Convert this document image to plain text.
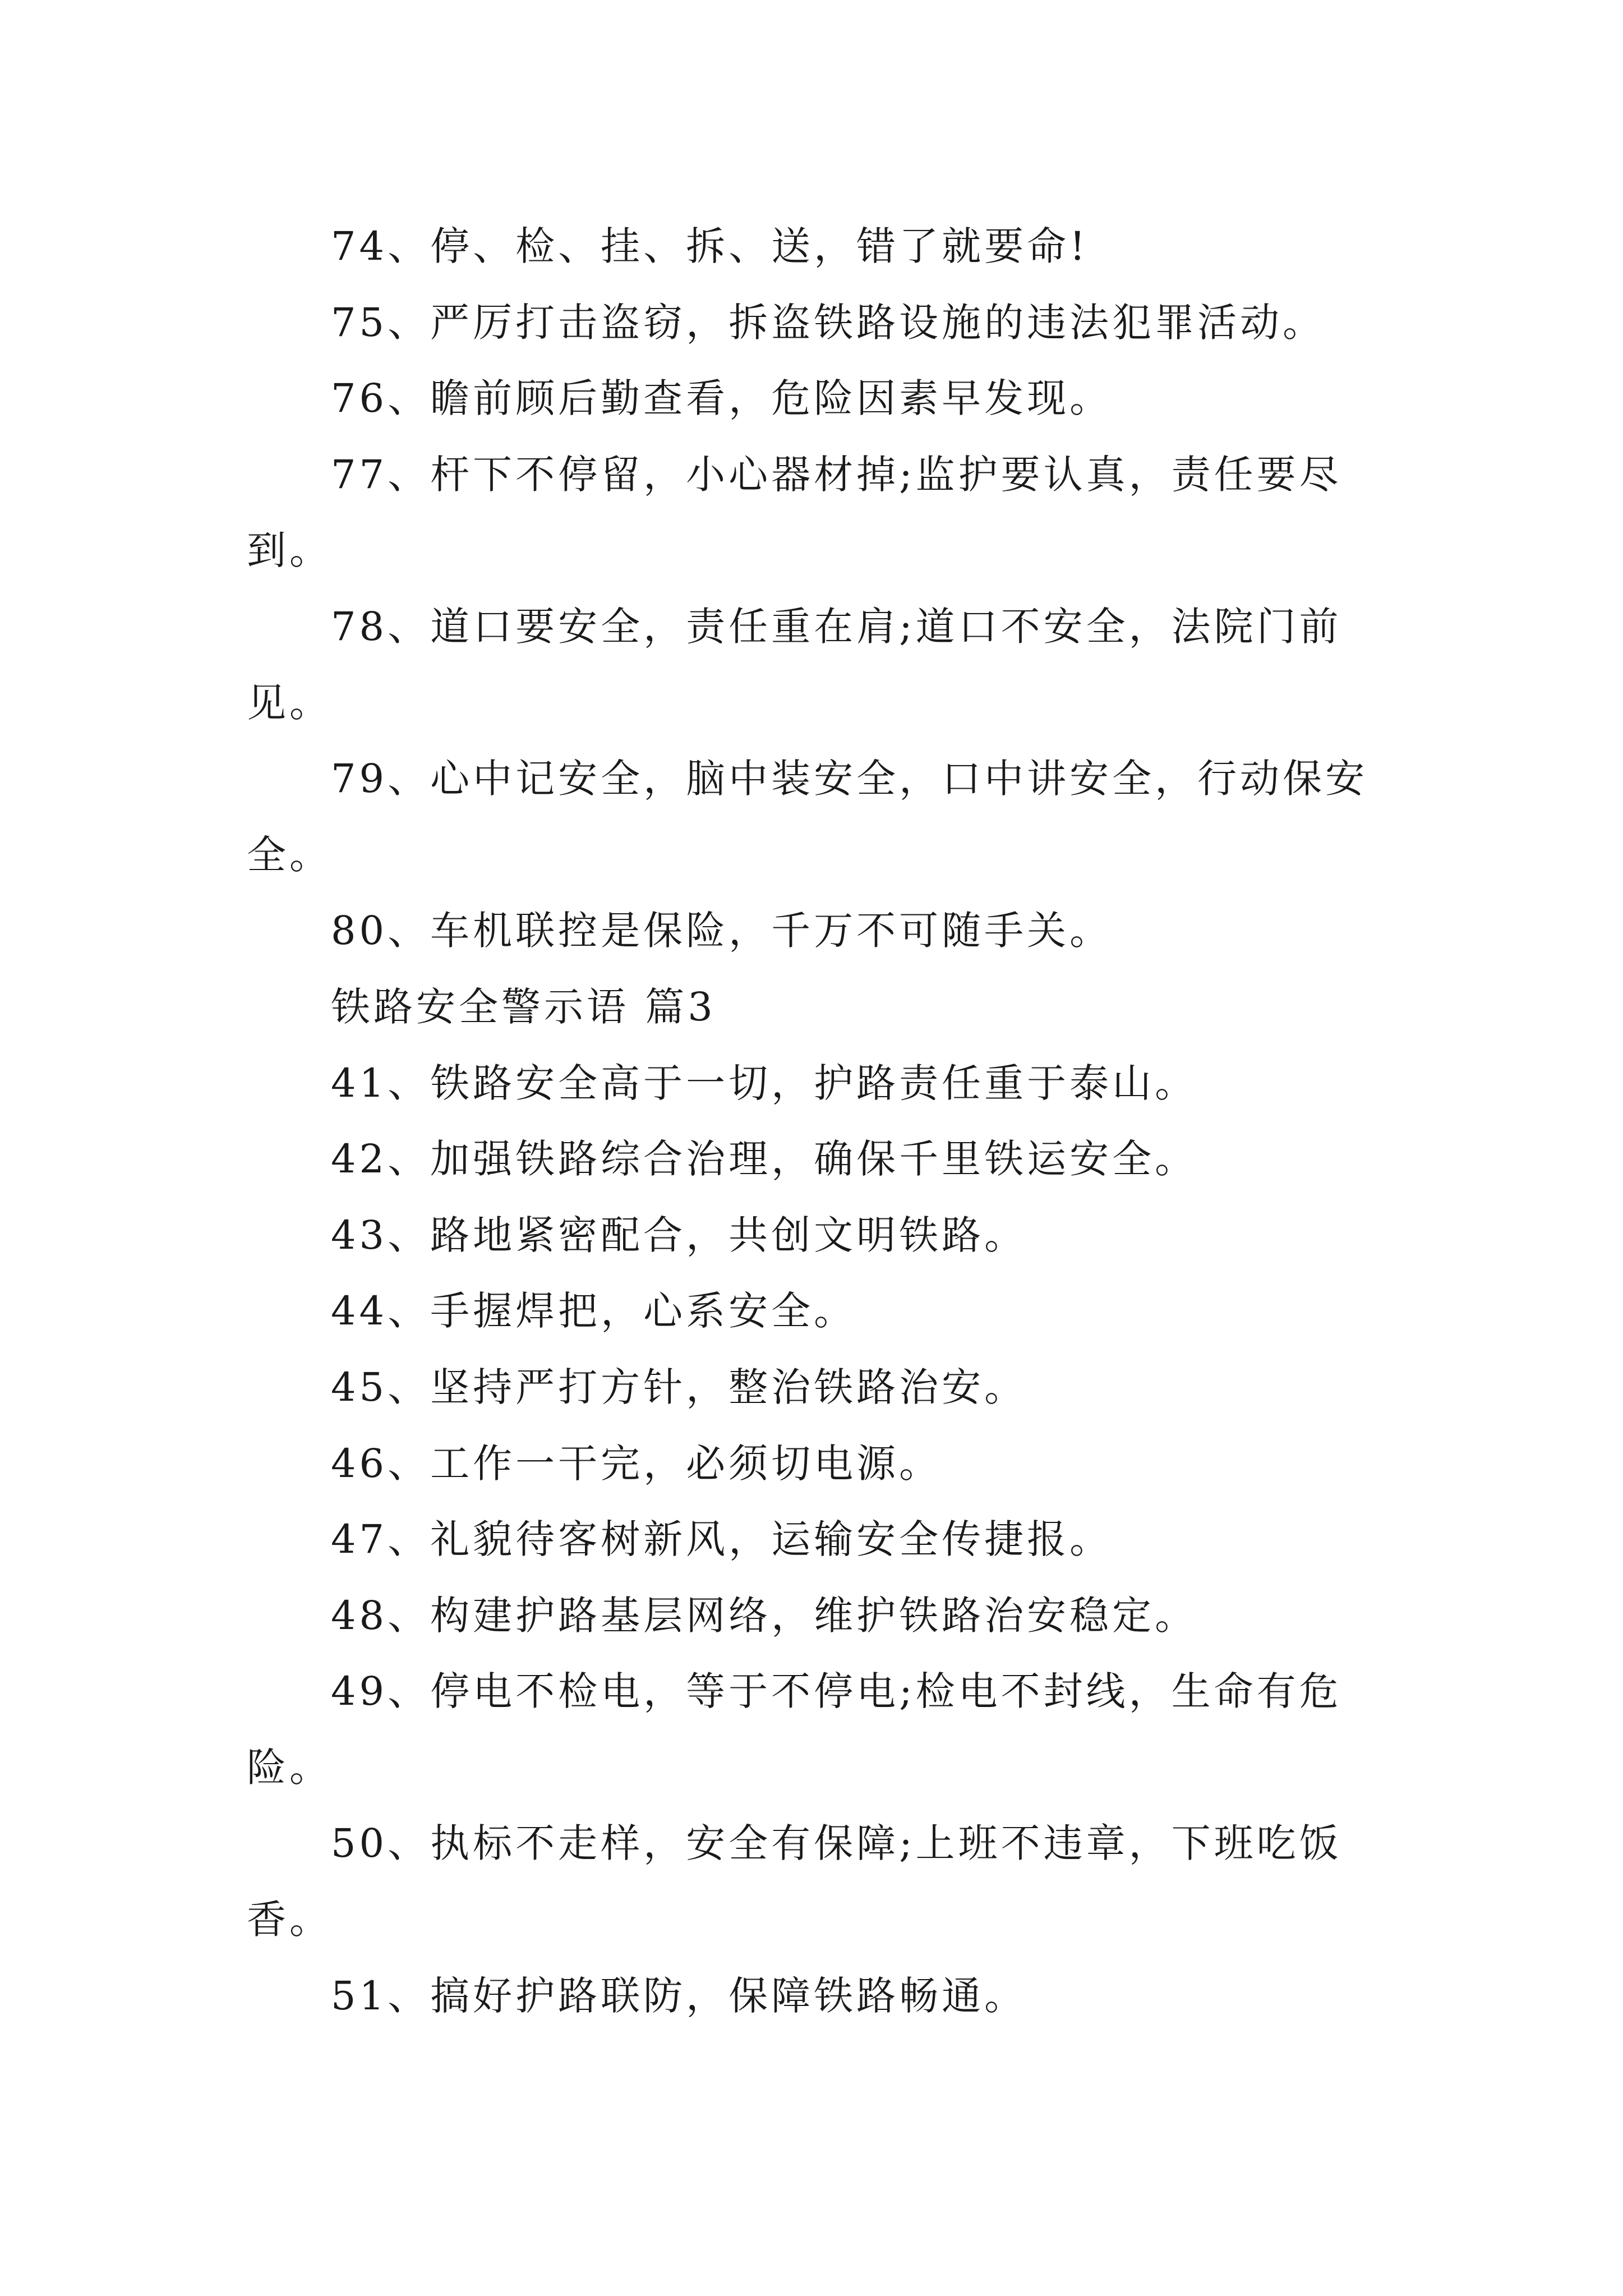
74、停、检、挂、拆、送，错了就要命!

75、严厉打击盗窃，拆盗铁路设施的违法犯罪活动。

76、瞻前顾后勤查看，危险因素早发现。

77、杆下不停留，小心器材掉;监护要认真，责任要尽到。

78、道口要安全，责任重在肩;道口不安全，法院门前见。

79、心中记安全，脑中装安全，口中讲安全，行动保安全。

80、车机联控是保险，千万不可随手关。

铁路安全警示语 篇3

41、铁路安全高于一切，护路责任重于泰山。

42、加强铁路综合治理，确保千里铁运安全。

43、路地紧密配合，共创文明铁路。

44、手握焊把，心系安全。

45、坚持严打方针，整治铁路治安。

46、工作一干完，必须切电源。

47、礼貌待客树新风，运输安全传捷报。

48、构建护路基层网络，维护铁路治安稳定。

49、停电不检电，等于不停电;检电不封线，生命有危险。

50、执标不走样，安全有保障;上班不违章，下班吃饭香。

51、搞好护路联防，保障铁路畅通。
